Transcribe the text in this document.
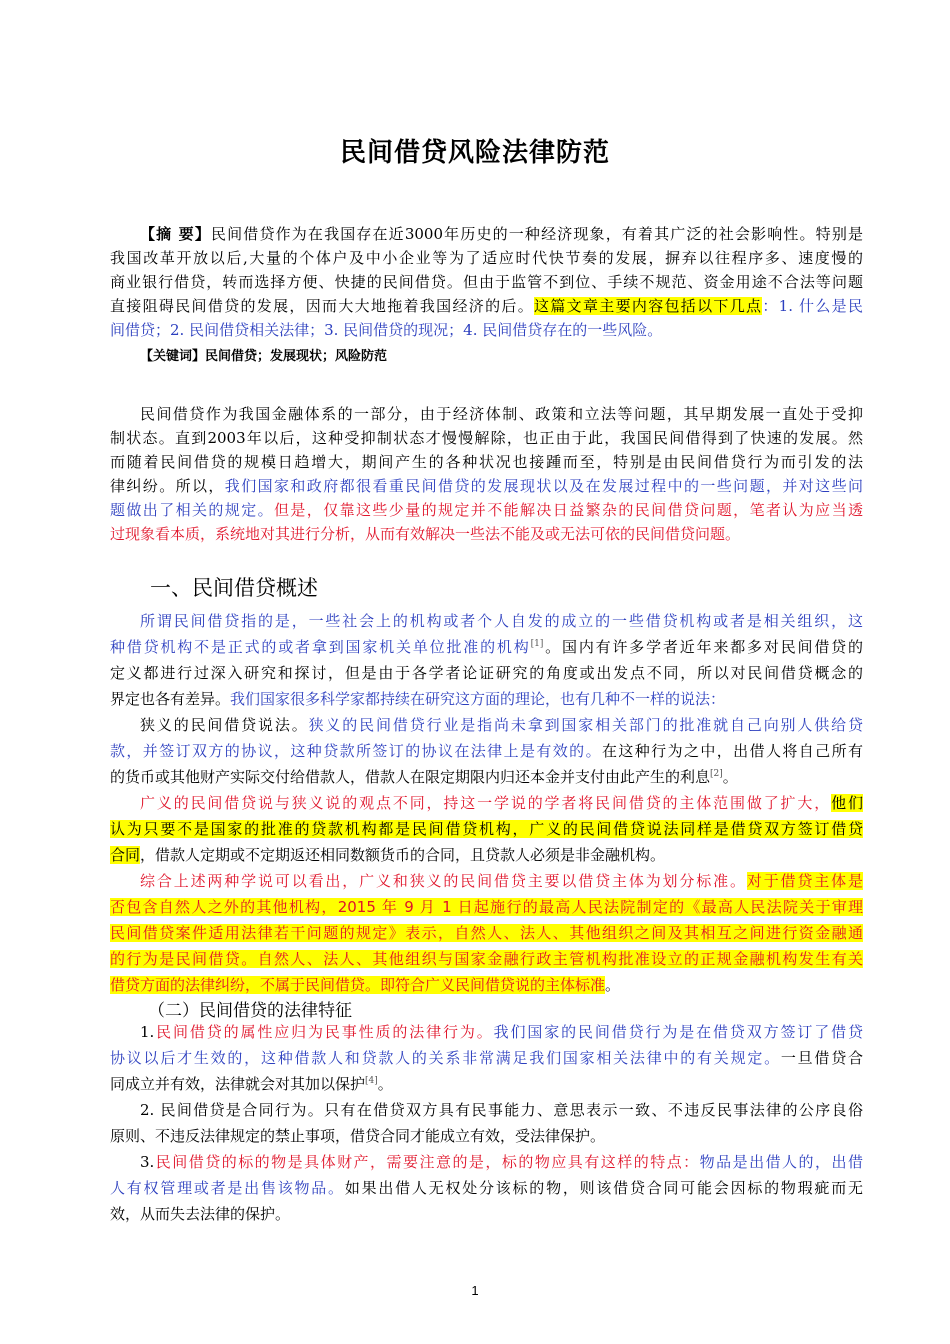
民间借贷风险法律防范
【摘 要】民间借贷作为在我国存在近3000年历史的一种经济现象，有着其广泛的社会影响性。特别是
我国改革开放以后,大量的个体户及中小企业等为了适应时代快节奏的发展，摒弃以往程序多、速度慢的
商业银行借贷，转而选择方便、快捷的民间借贷。但由于监管不到位、手续不规范、资金用途不合法等问题
直接阻碍民间借贷的发展，因而大大地拖着我国经济的后。这篇文章主要内容包括以下几点：1. 什么是民
间借贷；2. 民间借贷相关法律；3. 民间借贷的现况；4. 民间借贷存在的一些风险。
【关键词】民间借贷；发展现状；风险防范
民间借贷作为我国金融体系的一部分，由于经济体制、政策和立法等问题，其早期发展一直处于受抑
制状态。直到2003年以后，这种受抑制状态才慢慢解除，也正由于此，我国民间借得到了快速的发展。然
而随着民间借贷的规模日趋增大，期间产生的各种状况也接踵而至，特别是由民间借贷行为而引发的法
律纠纷。所以，我们国家和政府都很看重民间借贷的发展现状以及在发展过程中的一些问题，并对这些问
题做出了相关的规定。但是，仅靠这些少量的规定并不能解决日益繁杂的民间借贷问题，笔者认为应当透
过现象看本质，系统地对其进行分析，从而有效解决一些法不能及或无法可依的民间借贷问题。
一、民间借贷概述
所谓民间借贷指的是，一些社会上的机构或者个人自发的成立的一些借贷机构或者是相关组织，这
种借贷机构不是正式的或者拿到国家机关单位批准的机构[1]。国内有许多学者近年来都多对民间借贷的
定义都进行过深入研究和探讨，但是由于各学者论证研究的角度或出发点不同，所以对民间借贷概念的
界定也各有差异。我们国家很多科学家都持续在研究这方面的理论，也有几种不一样的说法：
狭义的民间借贷说法。狭义的民间借贷行业是指尚未拿到国家相关部门的批准就自己向别人供给贷
款，并签订双方的协议，这种贷款所签订的协议在法律上是有效的。在这种行为之中，出借人将自己所有
的货币或其他财产实际交付给借款人，借款人在限定期限内归还本金并支付由此产生的利息[2]。
广义的民间借贷说与狭义说的观点不同，持这一学说的学者将民间借贷的主体范围做了扩大，他们
认为只要不是国家的批准的贷款机构都是民间借贷机构，广义的民间借贷说法同样是借贷双方签订借贷
合同，借款人定期或不定期返还相同数额货币的合同，且贷款人必须是非金融机构。
综合上述两种学说可以看出，广义和狭义的民间借贷主要以借贷主体为划分标准。对于借贷主体是
否包含自然人之外的其他机构，2015 年 9 月 1 日起施行的最高人民法院制定的《最高人民法院关于审理
民间借贷案件适用法律若干问题的规定》表示，自然人、法人、其他组织之间及其相互之间进行资金融通
的行为是民间借贷。自然人、法人、其他组织与国家金融行政主管机构批准设立的正规金融机构发生有关
借贷方面的法律纠纷，不属于民间借贷。即符合广义民间借贷说的主体标准。
（二）民间借贷的法律特征
1.民间借贷的属性应归为民事性质的法律行为。我们国家的民间借贷行为是在借贷双方签订了借贷
协议以后才生效的，这种借款人和贷款人的关系非常满足我们国家相关法律中的有关规定。一旦借贷合
同成立并有效，法律就会对其加以保护[4]。
2. 民间借贷是合同行为。只有在借贷双方具有民事能力、意思表示一致、不违反民事法律的公序良俗
原则、不违反法律规定的禁止事项，借贷合同才能成立有效，受法律保护。
3.民间借贷的标的物是具体财产，需要注意的是，标的物应具有这样的特点：物品是出借人的，出借
人有权管理或者是出售该物品。如果出借人无权处分该标的物，则该借贷合同可能会因标的物瑕疵而无
效，从而失去法律的保护。
1
